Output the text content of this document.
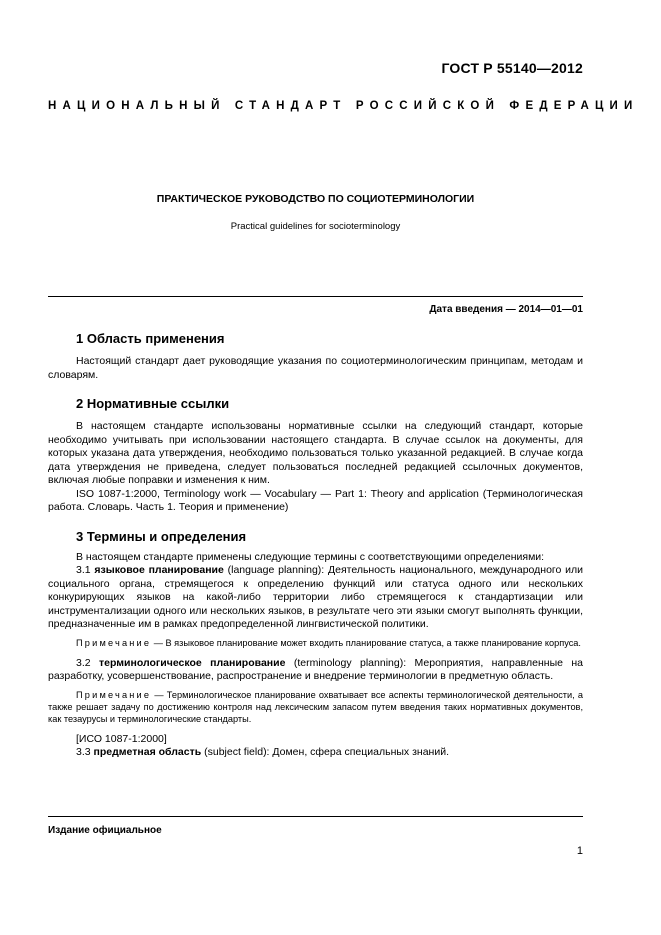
ГОСТ Р 55140—2012
НАЦИОНАЛЬНЫЙ СТАНДАРТ РОССИЙСКОЙ ФЕДЕРАЦИИ
ПРАКТИЧЕСКОЕ РУКОВОДСТВО ПО СОЦИОТЕРМИНОЛОГИИ
Practical guidelines for socioterminology
Дата введения — 2014—01—01
1 Область применения

Настоящий стандарт дает руководящие указания по социотерминологическим принципам, методам и словарям.

2 Нормативные ссылки

В настоящем стандарте использованы нормативные ссылки на следующий стандарт, которые необходимо учитывать при использовании настоящего стандарта. В случае ссылок на документы, для которых указана дата утверждения, необходимо пользоваться только указанной редакцией. В случае когда дата утверждения не приведена, следует пользоваться последней редакцией ссылочных документов, включая любые поправки и изменения к ним.

ISO 1087-1:2000, Terminology work — Vocabulary — Part 1: Theory and application (Терминологическая работа. Словарь. Часть 1. Теория и применение)

3 Термины и определения

В настоящем стандарте применены следующие термины с соответствующими определениями:

3.1 языковое планирование (language planning): Деятельность национального, международного или социального органа, стремящегося к определению функций или статуса одного или нескольких конкурирующих языков на какой-либо территории либо стремящегося к стандартизации или инструментализации одного или нескольких языков, в результате чего эти языки смогут выполнять функции, предназначенные им в рамках предопределенной лингвистической политики.

Примечание — В языковое планирование может входить планирование статуса, а также планирование корпуса.

3.2 терминологическое планирование (terminology planning): Мероприятия, направленные на разработку, усовершенствование, распространение и внедрение терминологии в предметную область.

Примечание — Терминологическое планирование охватывает все аспекты терминологической деятельности, а также решает задачу по достижению контроля над лексическим запасом путем введения таких нормативных документов, как тезаурусы и терминологические стандарты.

[ИСО 1087-1:2000]

3.3 предметная область (subject field): Домен, сфера специальных знаний.

Издание официальное
1
